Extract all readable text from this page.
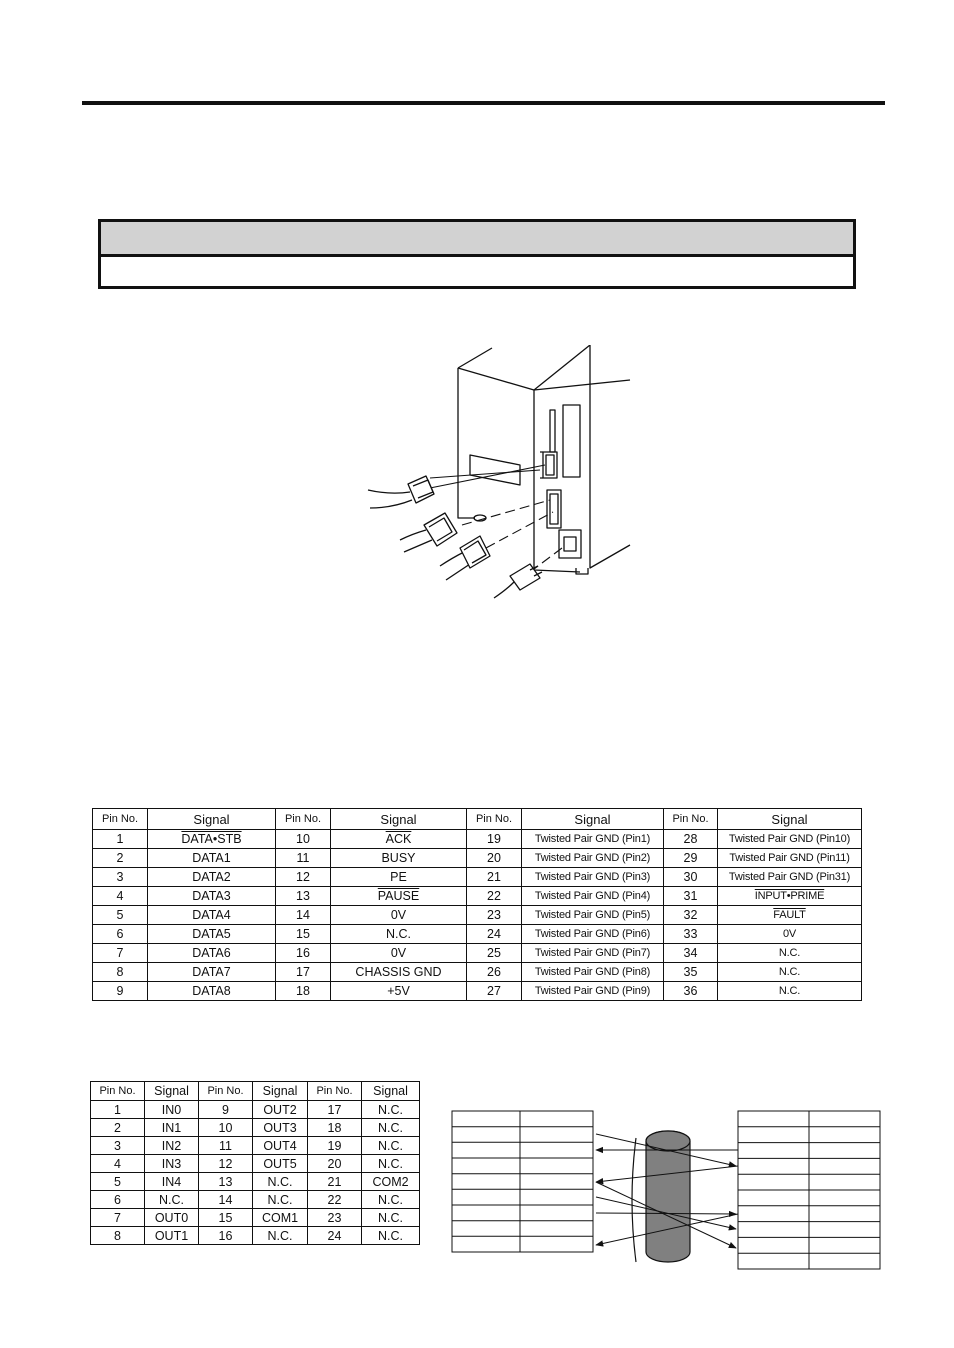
Pin No.	Signal	Pin No.	Signal	Pin No.	Signal	Pin No.	Signal
1	DATA•STB	10	$\overline{ACK}$	19	Twisted Pair GND (Pin1)	28	Twisted Pair GND (Pin10)
2	DATA1	11	BUSY	20	Twisted Pair GND (Pin2)	29	Twisted Pair GND (Pin11)
3	DATA2	12	PE	21	Twisted Pair GND (Pin3)	30	Twisted Pair GND (Pin31)
4	DATA3	13	PAUSE	22	Twisted Pair GND (Pin4)	31	INPUT•PRIME
5	DATA4	14	0V	23	Twisted Pair GND (Pin5)	32	FAULT
6	DATA5	15	N.C.	24	Twisted Pair GND (Pin6)	33	0V
7	DATA6	16	0V	25	Twisted Pair GND (Pin7)	34	N.C.
8	DATA7	17	CHASSIS GND	26	Twisted Pair GND (Pin8)	35	N.C.
9	DATA8	18	+5V	27	Twisted Pair GND (Pin9)	36	N.C.
Pin No.	Signal	Pin No.	Signal	Pin No.	Signal
1	IN0	9	OUT2	17	N.C.
2	IN1	10	OUT3	18	N.C.
3	IN2	11	OUT4	19	N.C.
4	IN3	12	OUT5	20	N.C.
5	IN4	13	N.C.	21	COM2
6	N.C.	14	N.C.	22	N.C.
7	OUT0	15	COM1	23	N.C.
8	OUT1	16	N.C.	24	N.C.
